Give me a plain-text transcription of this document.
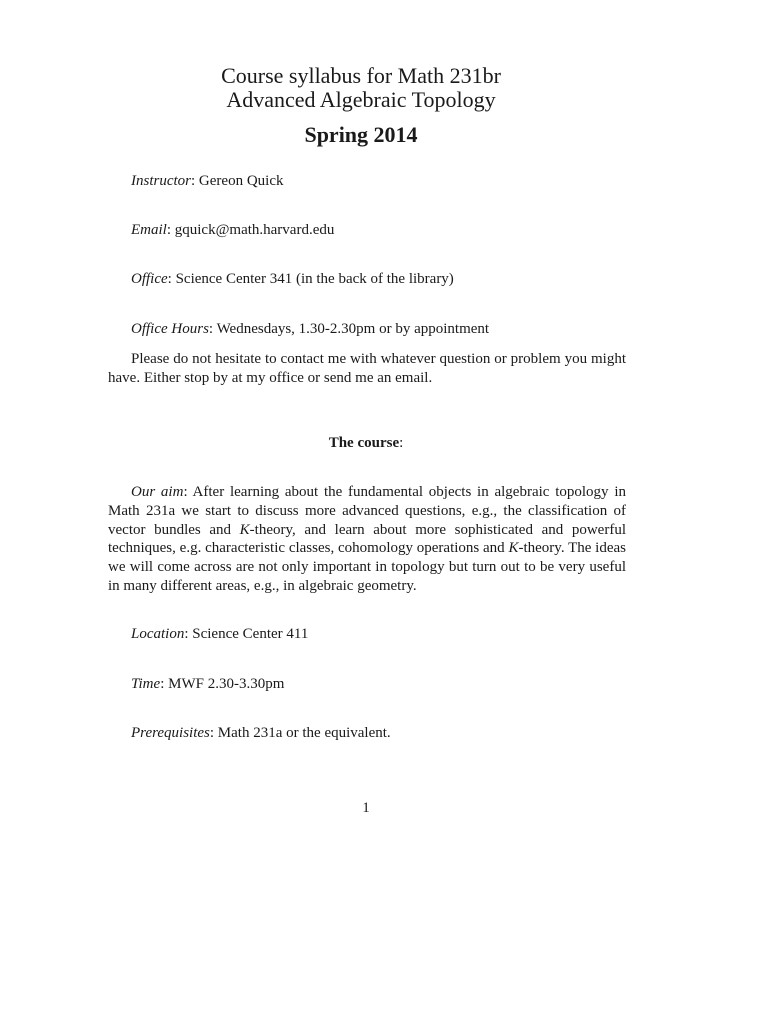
Course syllabus for Math 231br

Advanced Algebraic Topology

Spring 2014

Instructor: Gereon Quick
Email: gquick@math.harvard.edu
Office: Science Center 341 (in the back of the library)
Office Hours: Wednesdays, 1.30-2.30pm or by appointment

Please do not hesitate to contact me with whatever question or problem you might have. Either stop by at my office or send me an email.

The course:

Our aim: After learning about the fundamental objects in algebraic topology in Math 231a we start to discuss more advanced questions, e.g., the classification of vector bundles and K-theory, and learn about more sophisticated and powerful techniques, e.g. characteristic classes, cohomology operations and K-theory. The ideas we will come across are not only important in topology but turn out to be very useful in many different areas, e.g., in algebraic geometry.

Location: Science Center 411
Time: MWF 2.30-3.30pm
Prerequisites: Math 231a or the equivalent.
1
